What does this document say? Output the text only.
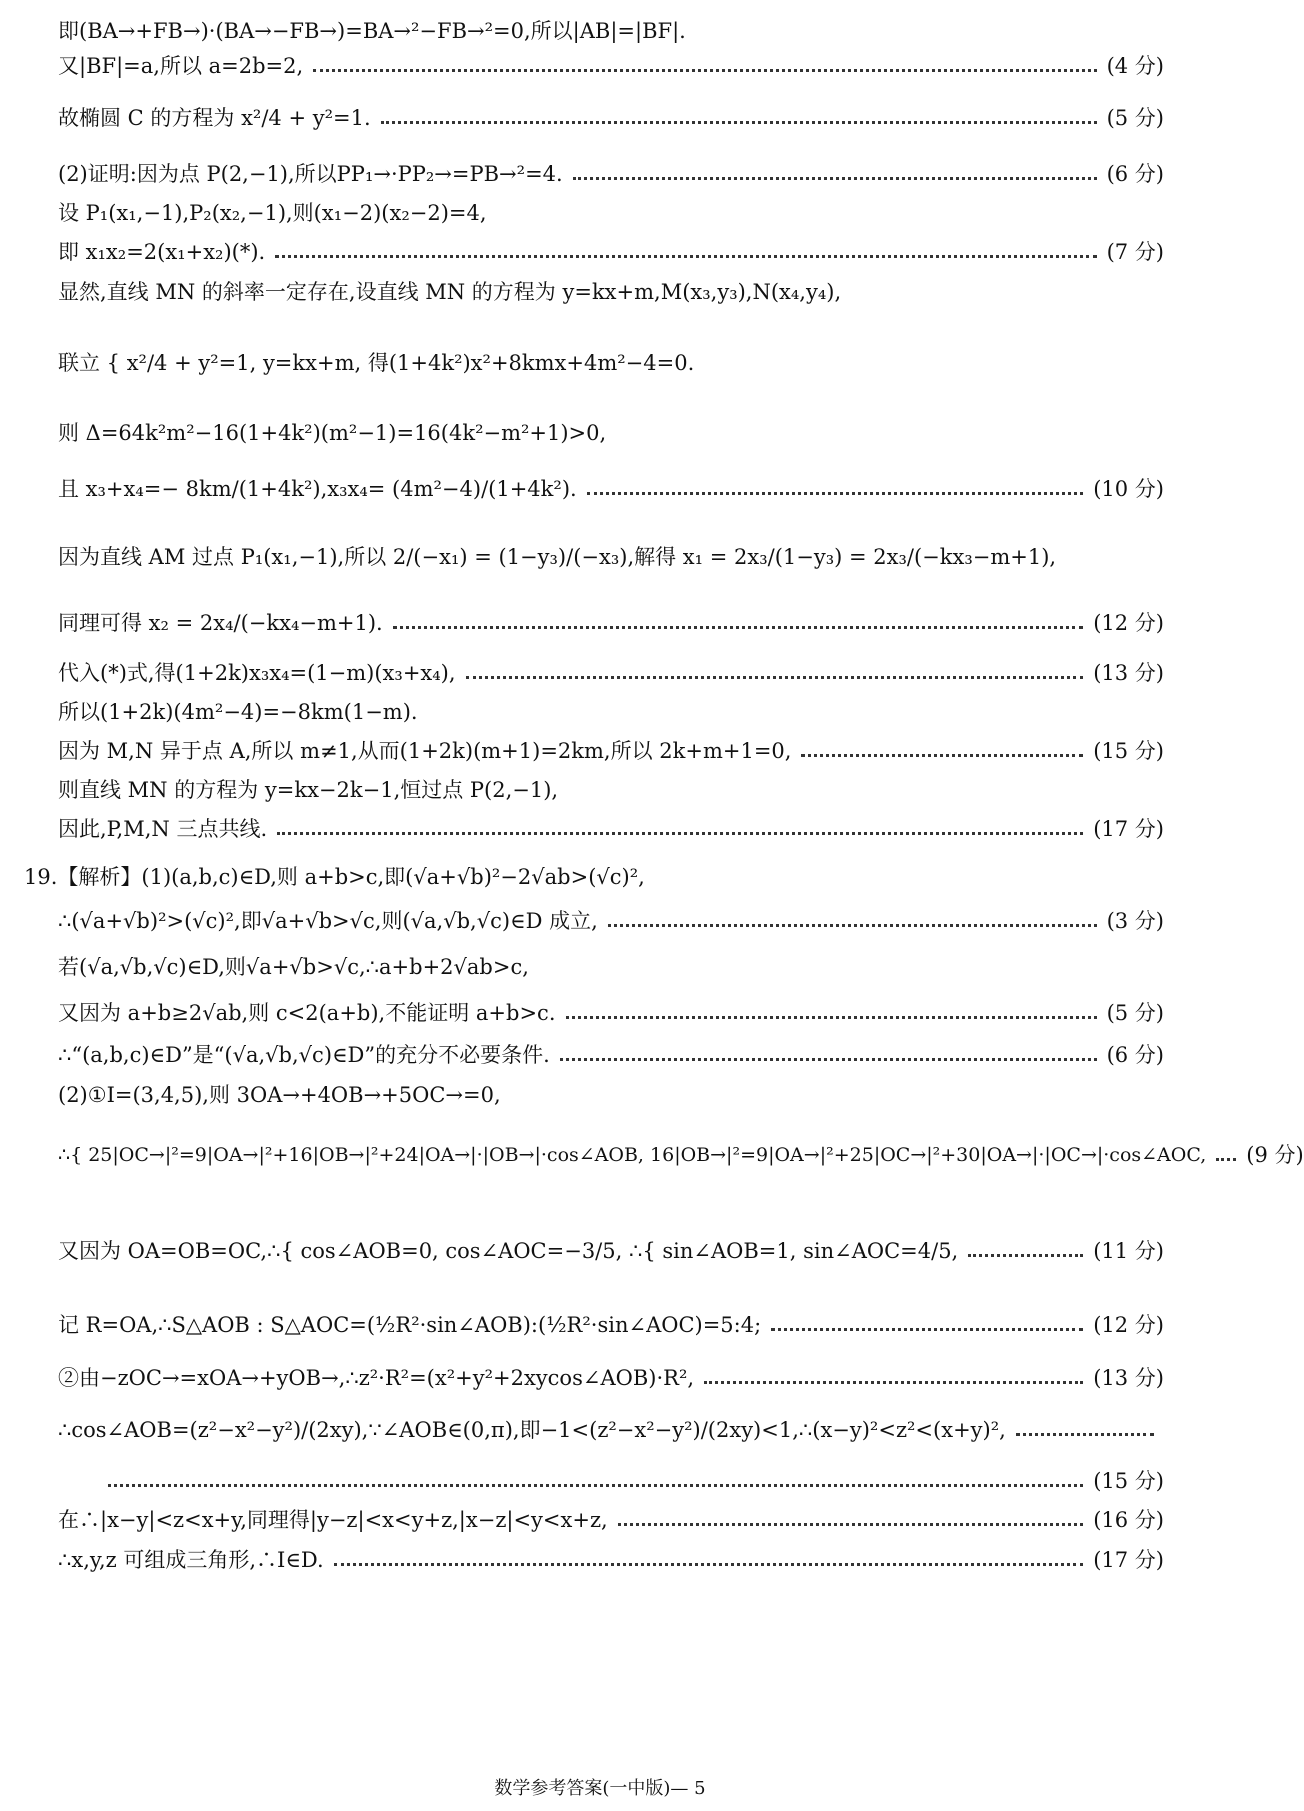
即(BA→+FB→)·(BA→−FB→)=BA→²−FB→²=0,所以|AB|=|BF|.
又|BF|=a,所以 a=2b=2,	(4 分)
故椭圆 C 的方程为 x²/4 + y²=1.	(5 分)
(2)证明:因为点 P(2,−1),所以PP₁→·PP₂→=PB→²=4.	(6 分)
设 P₁(x₁,−1),P₂(x₂,−1),则(x₁−2)(x₂−2)=4,
即 x₁x₂=2(x₁+x₂)(*).	(7 分)
显然,直线 MN 的斜率一定存在,设直线 MN 的方程为 y=kx+m,M(x₃,y₃),N(x₄,y₄),
联立 { x²/4 + y²=1, y=kx+m, 得(1+4k²)x²+8kmx+4m²−4=0.
则 Δ=64k²m²−16(1+4k²)(m²−1)=16(4k²−m²+1)>0,
且 x₃+x₄=− 8km/(1+4k²),x₃x₄= (4m²−4)/(1+4k²).	(10 分)
因为直线 AM 过点 P₁(x₁,−1),所以 2/(−x₁) = (1−y₃)/(−x₃),解得 x₁ = 2x₃/(1−y₃) = 2x₃/(−kx₃−m+1),
同理可得 x₂ = 2x₄/(−kx₄−m+1).	(12 分)
代入(*)式,得(1+2k)x₃x₄=(1−m)(x₃+x₄),	(13 分)
所以(1+2k)(4m²−4)=−8km(1−m).
因为 M,N 异于点 A,所以 m≠1,从而(1+2k)(m+1)=2km,所以 2k+m+1=0,	(15 分)
则直线 MN 的方程为 y=kx−2k−1,恒过点 P(2,−1),
因此,P,M,N 三点共线.	(17 分)
19.【解析】(1)(a,b,c)∈D,则 a+b>c,即(√a+√b)²−2√ab>(√c)²,
∴(√a+√b)²>(√c)²,即√a+√b>√c,则(√a,√b,√c)∈D 成立,	(3 分)
若(√a,√b,√c)∈D,则√a+√b>√c,∴a+b+2√ab>c,
又因为 a+b≥2√ab,则 c<2(a+b),不能证明 a+b>c.	(5 分)
∴“(a,b,c)∈D”是“(√a,√b,√c)∈D”的充分不必要条件.	(6 分)
(2)①I=(3,4,5),则 3OA→+4OB→+5OC→=0,
∴{ 25|OC→|²=9|OA→|²+16|OB→|²+24|OA→|·|OB→|·cos∠AOB, 16|OB→|²=9|OA→|²+25|OC→|²+30|OA→|·|OC→|·cos∠AOC, (9 分)
又因为 OA=OB=OC,∴{ cos∠AOB=0, cos∠AOC=−3/5, ∴{ sin∠AOB=1, sin∠AOC=4/5,	(11 分)
记 R=OA,∴S△AOB : S△AOC=(½R²·sin∠AOB):(½R²·sin∠AOC)=5:4;	(12 分)
②由−zOC→=xOA→+yOB→,∴z²·R²=(x²+y²+2xycos∠AOB)·R²,	(13 分)
∴cos∠AOB=(z²−x²−y²)/(2xy),∵∠AOB∈(0,π),即−1<(z²−x²−y²)/(2xy)<1,∴(x−y)²<z²<(x+y)²,
(15 分)
在∴|x−y|<z<x+y,同理得|y−z|<x<y+z,|x−z|<y<x+z,	(16 分)
∴x,y,z 可组成三角形,∴I∈D.	(17 分)
数学参考答案(一中版)— 5
